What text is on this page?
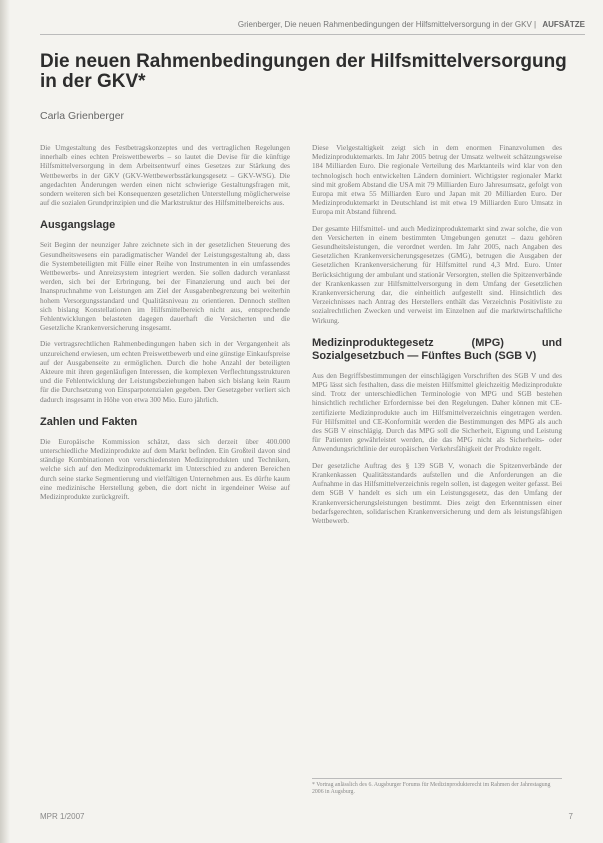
Grienberger, Die neuen Rahmenbedingungen der Hilfsmittelversorgung in der GKV | AUFSÄTZE
Die neuen Rahmenbedingungen der Hilfsmittelversorgung in der GKV*

Carla Grienberger

Die Umgestaltung des Festbetragskonzeptes und des vertraglichen Regelungen innerhalb eines echten Preiswettbewerbs – so lautet die Devise für die künftige Hilfsmittelversorgung in dem Arbeitsentwurf eines Gesetzes zur Stärkung des Wettbewerbs in der GKV (GKV-Wettbewerbsstärkungsgesetz – GKV-WSG). Die angedachten Änderungen werden einen nicht schwierige Gestaltungsfragen mit, sondern weiteren sich bei Konsequenzen gesetzlichen Unterstellung möglicherweise auf die sozialen Grundprinzipien und die Marktstruktur des Hilfsmittelbereichs aus.

Ausgangslage

Seit Beginn der neunziger Jahre zeichnete sich in der gesetzlichen Steuerung des Gesundheitswesens ein paradigmatischer Wandel der Leistungsgestaltung ab, dass die Systembeteiligten mit Fülle einer Reihe von Instrumenten in ein umfassendes Wettbewerbs- und Anreizsystem integriert werden. Sie sollen dadurch veranlasst werden, sich bei der Erbringung, bei der Finanzierung und auch bei der Inanspruchnahme von Leistungen am Ziel der Ausgabenbegrenzung bei weiterhin hohem Versorgungsstandard und Qualitätsniveau zu orientieren. Dennoch stellten sich bislang Konstellationen im Hilfsmittelbereich nicht aus, entsprechende Fehlentwicklungen belasteten dagegen dauerhaft die Versicherten und die Gesetzliche Krankenversicherung insgesamt.

Die vertragsrechtlichen Rahmenbedingungen haben sich in der Vergangenheit als unzureichend erwiesen, um echten Preiswettbewerb und eine günstige Einkaufspreise auf der Ausgabenseite zu ermöglichen. Durch die hohe Anzahl der beteiligten Akteure mit ihren gegenläufigen Interessen, die komplexen Verflechtungsstrukturen und die Fehlentwicklung der Leistungsbeziehungen haben sich bislang kein Raum für die Durchsetzung von Einsparpotenzialen gegeben. Der Gesetzgeber verliert sich dadurch insgesamt in Höhe von etwa 300 Mio. Euro jährlich.

Zahlen und Fakten

Die Europäische Kommission schätzt, dass sich derzeit über 400.000 unterschiedliche Medizinprodukte auf dem Markt befinden. Ein Großteil davon sind ständige Kombinationen von verschiedensten Medizinprodukten und Techniken, welche sich auf den Medizinproduktemarkt im Unterschied zu anderen Bereichen durch seine starke Segmentierung und vielfältigen Unternehmen aus. Es dürfte kaum eine medizinische Herstellung geben, die dort nicht in irgendeiner Weise auf Medizinprodukte zurückgreift.

Diese Vielgestaltigkeit zeigt sich in dem enormen Finanzvolumen des Medizinproduktemarkts. Im Jahr 2005 betrug der Umsatz weltweit schätzungsweise 184 Milliarden Euro. Die regionale Verteilung des Marktanteils wird klar von den technologisch hoch entwickelten Ländern dominiert. Wichtigster regionaler Markt sind mit großem Abstand die USA mit 79 Milliarden Euro Jahresumsatz, gefolgt von Europa mit etwa 55 Milliarden Euro und Japan mit 20 Milliarden Euro. Der Medizinproduktemarkt in Deutschland ist mit etwa 19 Milliarden Euro Umsatz in Europa mit Abstand führend.

Der gesamte Hilfsmittel- und auch Medizinproduktemarkt sind zwar solche, die von den Versicherten in einem bestimmten Umgebungen genutzt – dazu gehören Gesundheitsleistungen, die verordnet werden. Im Jahr 2005, nach Angaben des Gesetzlichen Krankenversicherungsgesetzes (GMG), betrugen die Ausgaben der Gesetzlichen Krankenversicherung für Hilfsmittel rund 4,3 Mrd. Euro. Unter Berücksichtigung der ambulant und stationär Versorgten, stellen die Spitzenverbände der Krankenkassen zur Hilfsmittelversorgung in dem Umfang der Gesetzlichen Krankenversicherung dar, die einheitlich aufgestellt sind. Hinsichtlich des Verzeichnisses nach Antrag des Herstellers enthält das Verzeichnis Positivliste zu sozialrechtlichen Zwecken und verweist im Einzelnen auf die marktwirtschaftliche Wirkung.

Medizinproduktegesetz (MPG) und Sozialgesetzbuch — Fünftes Buch (SGB V)

Aus den Begriffsbestimmungen der einschlägigen Vorschriften des SGB V und des MPG lässt sich festhalten, dass die meisten Hilfsmittel gleichzeitig Medizinprodukte sind. Trotz der unterschiedlichen Terminologie von MPG und SGB bestehen hinsichtlich rechtlicher Erfordernisse bei den Regelungen. Daher können mit CE-zertifizierte Medizinprodukte auch im Hilfsmittelverzeichnis eingetragen werden. Für Hilfsmittel und CE-Konformität werden die Bestimmungen des MPG als auch des SGB V einschlägig. Durch das MPG soll die Sicherheit, Eignung und Leistung für Patienten gewährleistet werden, die das MPG nicht als Sicherheits- oder Anwendungsrichtlinie der europäischen Verkehrsfähigkeit der Produkte regelt.

Der gesetzliche Auftrag des § 139 SGB V, wonach die Spitzenverbände der Krankenkassen Qualitätsstandards aufstellen und die Anforderungen an die Aufnahme in das Hilfsmittelverzeichnis regeln sollen, ist dagegen weiter gefasst. Bei dem SGB V handelt es sich um ein Leistungsgesetz, das den Umfang der Krankenversicherungsleistungen bestimmt. Dies zeigt den Erkenntnissen einer bedarfsgerechten, solidarischen Krankenversicherung und dem als leistungsfähigen Wettbewerb.

* Vortrag anlässlich des 6. Augsburger Forums für Medizinprodukterecht im Rahmen der Jahrestagung 2006 in Augsburg.
MPR 1/2007	7
